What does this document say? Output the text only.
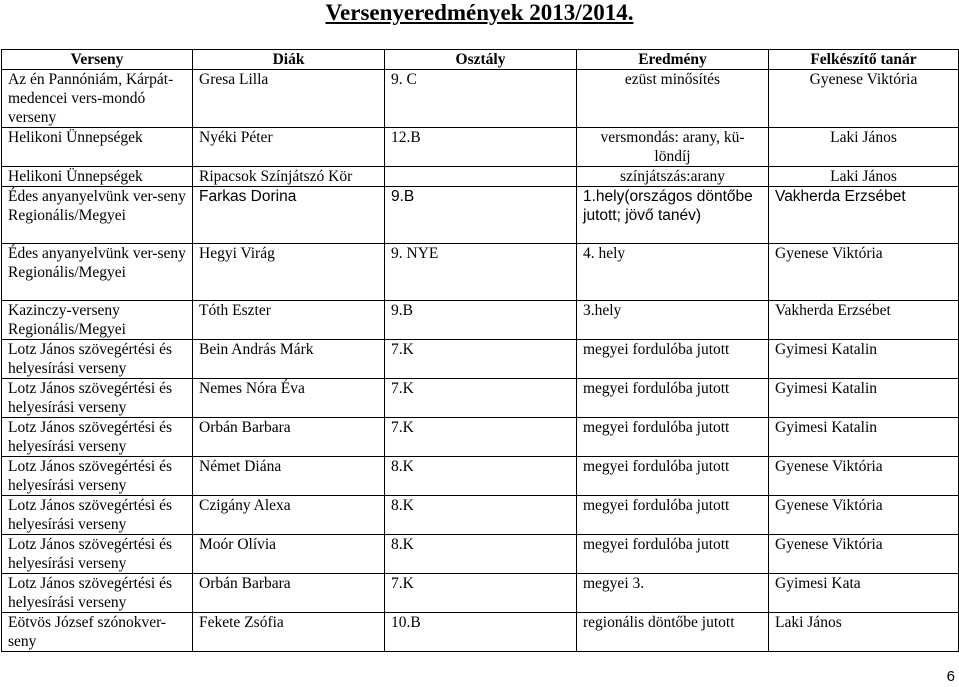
Versenyeredmények 2013/2014.
Verseny	Diák	Osztály	Eredmény	Felkészítő tanár
Az én Pannóniám, Kárpát-medencei vers-mondó verseny	Gresa Lilla	9. C	ezüst minősítés	Gyenese Viktória
Helikoni Ünnepségek	Nyéki Péter	12.B	versmondás: arany, kü-löndíj	Laki János
Helikoni Ünnepségek	Ripacsok Színjátszó Kör		színjátszás:arany	Laki János
Édes anyanyelvünk ver-seny Regionális/Megyei	Farkas Dorina	9.B	1.hely(országos döntőbe jutott; jövő tanév)	Vakherda Erzsébet
Édes anyanyelvünk ver-seny Regionális/Megyei	Hegyi Virág	9. NYE	4. hely	Gyenese Viktória
Kazinczy-verseny Regionális/Megyei	Tóth Eszter	9.B	3.hely	Vakherda Erzsébet
Lotz János szövegértési és helyesírási verseny	Bein András Márk	7.K	megyei fordulóba jutott	Gyimesi Katalin
Lotz János szövegértési és helyesírási verseny	Nemes Nóra Éva	7.K	megyei fordulóba jutott	Gyimesi Katalin
Lotz János szövegértési és helyesírási verseny	Orbán Barbara	7.K	megyei fordulóba jutott	Gyimesi Katalin
Lotz János szövegértési és helyesírási verseny	Német Diána	8.K	megyei fordulóba jutott	Gyenese Viktória
Lotz János szövegértési és helyesírási verseny	Czigány Alexa	8.K	megyei fordulóba jutott	Gyenese Viktória
Lotz János szövegértési és helyesírási verseny	Moór Olívia	8.K	megyei fordulóba jutott	Gyenese Viktória
Lotz János szövegértési és helyesírási verseny	Orbán Barbara	7.K	megyei 3.	Gyimesi Kata
Eötvös József szónokver-seny	Fekete Zsófia	10.B	regionális döntőbe jutott	Laki János
6
